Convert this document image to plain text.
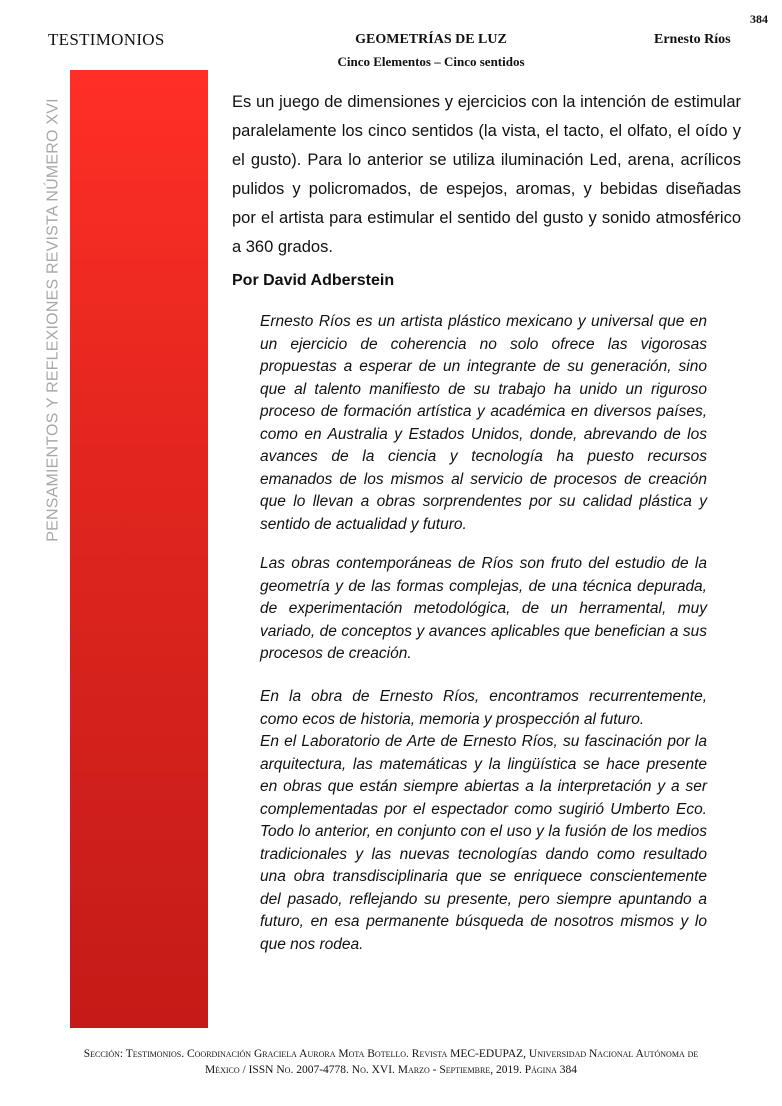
384
TESTIMONIOS	GEOMETRÍAS DE LUZ
Cinco Elementos – Cinco sentidos
Ernesto Ríos
PENSAMIENTOS Y REFLEXIONES REVISTA NÚMERO XVI	Es un juego de dimensiones y ejercicios con la intención de estimular paralelamente los cinco sentidos (la vista, el tacto, el olfato, el oído y el gusto). Para lo anterior se utiliza iluminación Led, arena, acrílicos pulidos y policromados, de espejos, aromas, y bebidas diseñadas por el artista para estimular el sentido del gusto y sonido atmosférico a 360 grados.

Por David Adberstein

Ernesto Ríos es un artista plástico mexicano y universal que en un ejercicio de coherencia no solo ofrece las vigorosas propuestas a esperar de un integrante de su generación, sino que al talento manifiesto de su trabajo ha unido un riguroso proceso de formación artística y académica en diversos países, como en Australia y Estados Unidos, donde, abrevando de los avances de la ciencia y tecnología ha puesto recursos emanados de los mismos al servicio de procesos de creación que lo llevan a obras sorprendentes por su calidad plástica y sentido de actualidad y futuro.

Las obras contemporáneas de Ríos son fruto del estudio de la geometría y de las formas complejas, de una técnica depurada, de experimentación metodológica, de un herramental, muy variado, de conceptos y avances aplicables que benefician a sus procesos de creación.

En la obra de Ernesto Ríos, encontramos recurrentemente, como ecos de historia, memoria y prospección al futuro.

En el Laboratorio de Arte de Ernesto Ríos, su fascinación por la arquitectura, las matemáticas y la lingüística se hace presente en obras que están siempre abiertas a la interpretación y a ser complementadas por el espectador como sugirió Umberto Eco. Todo lo anterior, en conjunto con el uso y la fusión de los medios tradicionales y las nuevas tecnologías dando como resultado una obra transdisciplinaria que se enriquece conscientemente del pasado, reflejando su presente, pero siempre apuntando a futuro, en esa permanente búsqueda de nosotros mismos y lo que nos rodea.

Sección: Testimonios. Coordinación Graciela Aurora Mota Botello. Revista MEC-EDUPAZ, Universidad Nacional Autónoma de
México / ISSN No. 2007-4778. No. XVI. Marzo - Septiembre, 2019. Página 384
